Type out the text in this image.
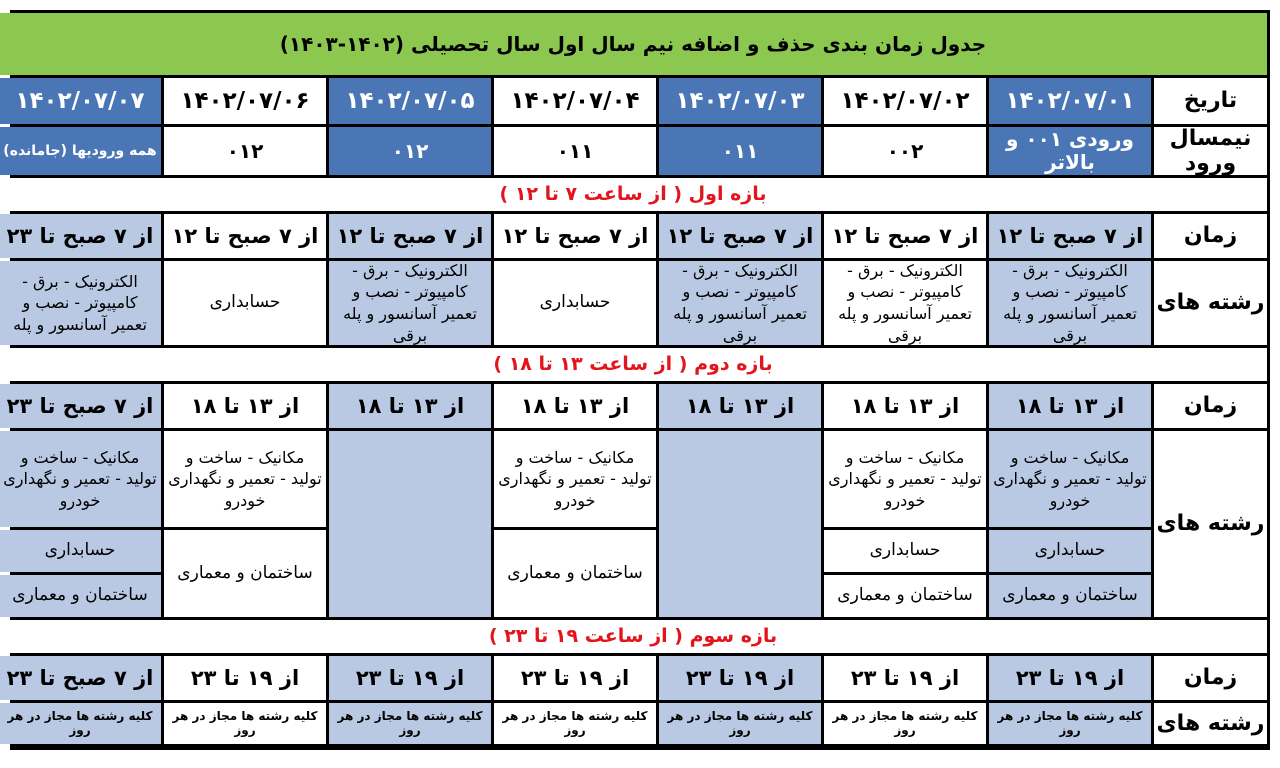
جدول زمان بندی حذف و اضافه نیم سال اول سال تحصیلی (۱۴۰۲-۱۴۰۳)
تاریخ
۱۴۰۲/۰۷/۰۱
۱۴۰۲/۰۷/۰۲
۱۴۰۲/۰۷/۰۳
۱۴۰۲/۰۷/۰۴
۱۴۰۲/۰۷/۰۵
۱۴۰۲/۰۷/۰۶
۱۴۰۲/۰۷/۰۷
نیمسال ورود
ورودی ۰۰۱ و بالاتر
۰۰۲
۰۱۱
۰۱۱
۰۱۲
۰۱۲
همه ورودیها (جامانده)
بازه اول ( از ساعت ۷ تا ۱۲ )
زمان
از ۷ صبح تا ۱۲
از ۷ صبح تا ۱۲
از ۷ صبح تا ۱۲
از ۷ صبح تا ۱۲
از ۷ صبح تا ۱۲
از ۷ صبح تا ۱۲
از ۷ صبح تا ۲۳
رشته های
الکترونیک - برق - کامپیوتر - نصب و تعمیر آسانسور و پله برقی
الکترونیک - برق - کامپیوتر - نصب و تعمیر آسانسور و پله برقی
الکترونیک - برق - کامپیوتر - نصب و تعمیر آسانسور و پله برقی
حسابداری
الکترونیک - برق - کامپیوتر - نصب و تعمیر آسانسور و پله برقی
حسابداری
الکترونیک - برق - کامپیوتر - نصب و تعمیر آسانسور و پله
بازه دوم ( از ساعت ۱۳ تا ۱۸ )
زمان
از ۱۳ تا ۱۸
از ۱۳ تا ۱۸
از ۱۳ تا ۱۸
از ۱۳ تا ۱۸
از ۱۳ تا ۱۸
از ۱۳ تا ۱۸
از ۷ صبح تا ۲۳
رشته های
مکانیک - ساخت و تولید - تعمیر و نگهداری خودرو
حسابداری
ساختمان و معماری
مکانیک - ساخت و تولید - تعمیر و نگهداری خودرو
حسابداری
ساختمان و معماری
مکانیک - ساخت و تولید - تعمیر و نگهداری خودرو
ساختمان و معماری
مکانیک - ساخت و تولید - تعمیر و نگهداری خودرو
ساختمان و معماری
مکانیک - ساخت و تولید - تعمیر و نگهداری خودرو
حسابداری
ساختمان و معماری
بازه سوم ( از ساعت ۱۹ تا ۲۳ )
زمان
از ۱۹ تا ۲۳
از ۱۹ تا ۲۳
از ۱۹ تا ۲۳
از ۱۹ تا ۲۳
از ۱۹ تا ۲۳
از ۱۹ تا ۲۳
از ۷ صبح تا ۲۳
رشته های
کلیه رشته ها مجاز در هر روز
کلیه رشته ها مجاز در هر روز
کلیه رشته ها مجاز در هر روز
کلیه رشته ها مجاز در هر روز
کلیه رشته ها مجاز در هر روز
کلیه رشته ها مجاز در هر روز
کلیه رشته ها مجاز در هر روز
